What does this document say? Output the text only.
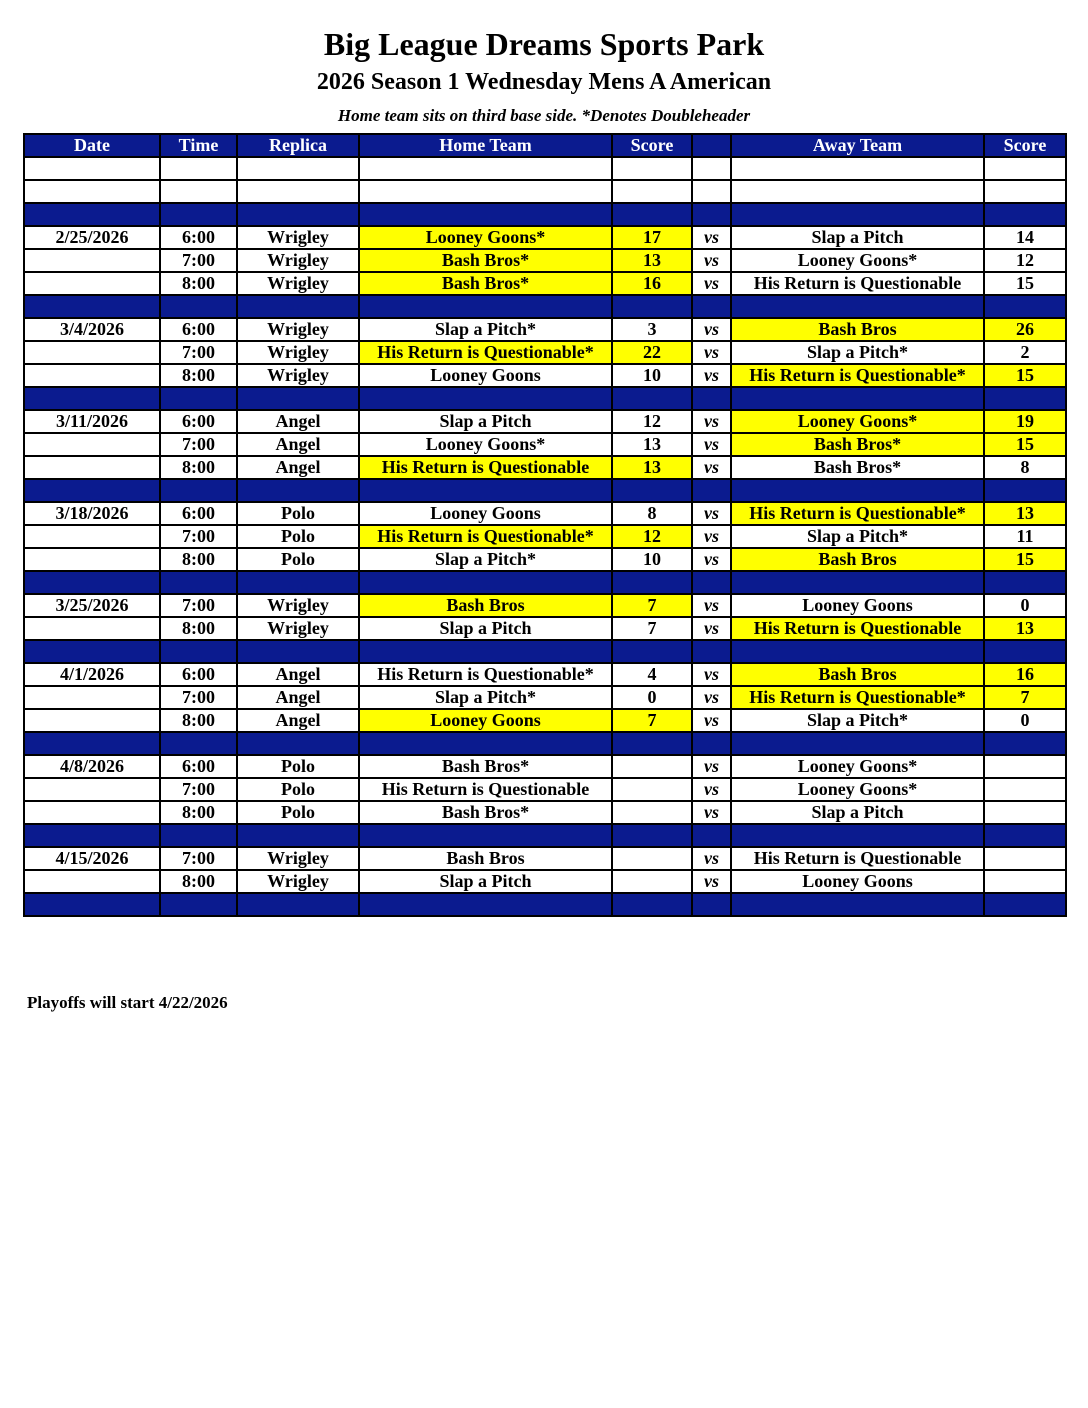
Big League Dreams Sports Park
2026 Season 1 Wednesday Mens A American
Home team sits on third base side. *Denotes Doubleheader
Date	Time	Replica	Home Team	Score		Away Team	Score

2/25/2026	6:00	Wrigley	Looney Goons*	17	vs	Slap a Pitch	14
	7:00	Wrigley	Bash Bros*	13	vs	Looney Goons*	12
	8:00	Wrigley	Bash Bros*	16	vs	His Return is Questionable	15

3/4/2026	6:00	Wrigley	Slap a Pitch*	3	vs	Bash Bros	26
	7:00	Wrigley	His Return is Questionable*	22	vs	Slap a Pitch*	2
	8:00	Wrigley	Looney Goons	10	vs	His Return is Questionable*	15

3/11/2026	6:00	Angel	Slap a Pitch	12	vs	Looney Goons*	19
	7:00	Angel	Looney Goons*	13	vs	Bash Bros*	15
	8:00	Angel	His Return is Questionable	13	vs	Bash Bros*	8

3/18/2026	6:00	Polo	Looney Goons	8	vs	His Return is Questionable*	13
	7:00	Polo	His Return is Questionable*	12	vs	Slap a Pitch*	11
	8:00	Polo	Slap a Pitch*	10	vs	Bash Bros	15

3/25/2026	7:00	Wrigley	Bash Bros	7	vs	Looney Goons	0
	8:00	Wrigley	Slap a Pitch	7	vs	His Return is Questionable	13

4/1/2026	6:00	Angel	His Return is Questionable*	4	vs	Bash Bros	16
	7:00	Angel	Slap a Pitch*	0	vs	His Return is Questionable*	7
	8:00	Angel	Looney Goons	7	vs	Slap a Pitch*	0

4/8/2026	6:00	Polo	Bash Bros*		vs	Looney Goons*	
	7:00	Polo	His Return is Questionable		vs	Looney Goons*	
	8:00	Polo	Bash Bros*		vs	Slap a Pitch	

4/15/2026	7:00	Wrigley	Bash Bros		vs	His Return is Questionable	
	8:00	Wrigley	Slap a Pitch		vs	Looney Goons	

Playoffs will start 4/22/2026
